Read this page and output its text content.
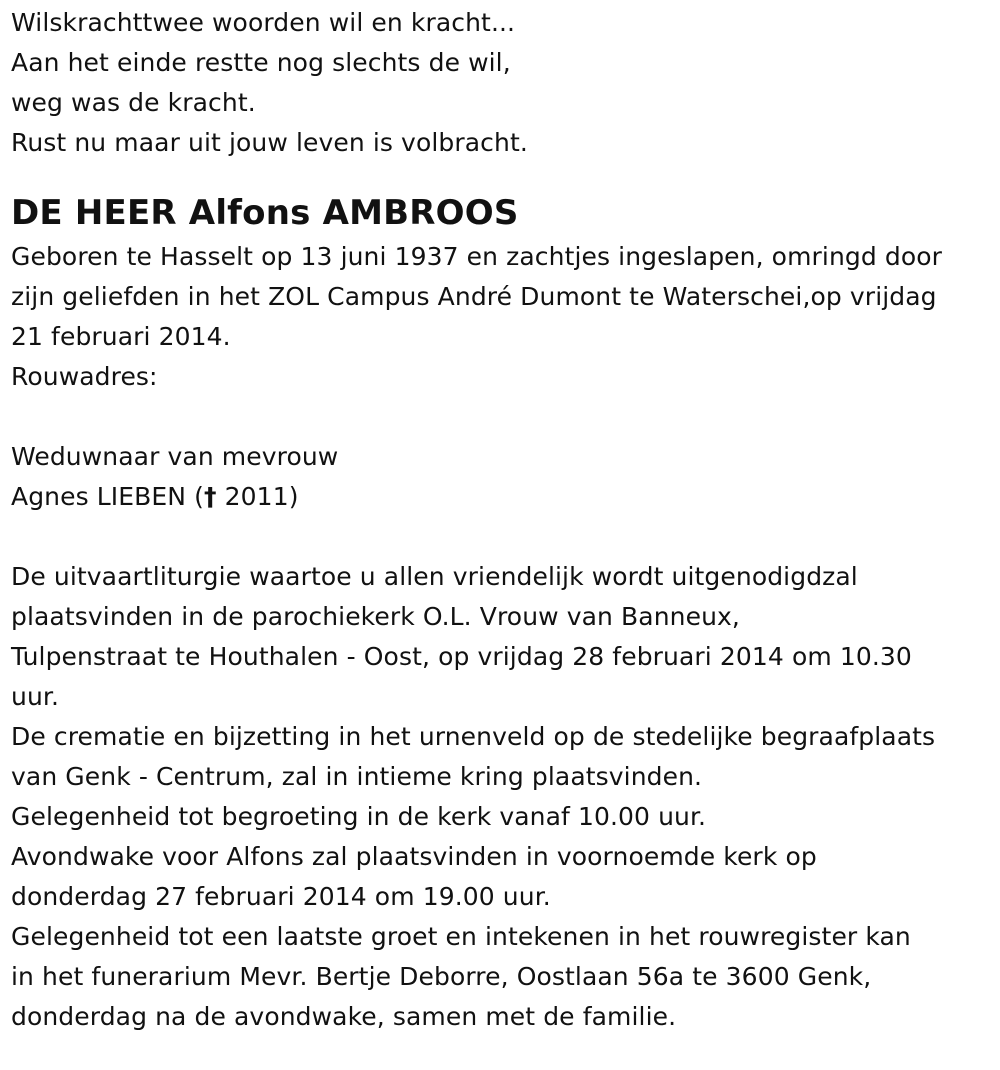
Wilskrachttwee woorden wil en kracht...
Aan het einde restte nog slechts de wil,
weg was de kracht.
Rust nu maar uit jouw leven is volbracht.
DE HEER Alfons AMBROOS
Geboren te Hasselt op 13 juni 1937 en zachtjes ingeslapen, omringd door
zijn geliefden in het ZOL Campus André Dumont te Waterschei,op vrijdag
21 februari 2014.
Rouwadres:
Weduwnaar van mevrouw
Agnes LIEBEN († 2011)
De uitvaartliturgie waartoe u allen vriendelijk wordt uitgenodigdzal
plaatsvinden in de parochiekerk O.L. Vrouw van Banneux,
Tulpenstraat te Houthalen - Oost, op vrijdag 28 februari 2014 om 10.30
uur.
De crematie en bijzetting in het urnenveld op de stedelijke begraafplaats
van Genk - Centrum, zal in intieme kring plaatsvinden.
Gelegenheid tot begroeting in de kerk vanaf 10.00 uur.
Avondwake voor Alfons zal plaatsvinden in voornoemde kerk op
donderdag 27 februari 2014 om 19.00 uur.
Gelegenheid tot een laatste groet en intekenen in het rouwregister kan
in het funerarium Mevr. Bertje Deborre, Oostlaan 56a te 3600 Genk,
donderdag na de avondwake, samen met de familie.
